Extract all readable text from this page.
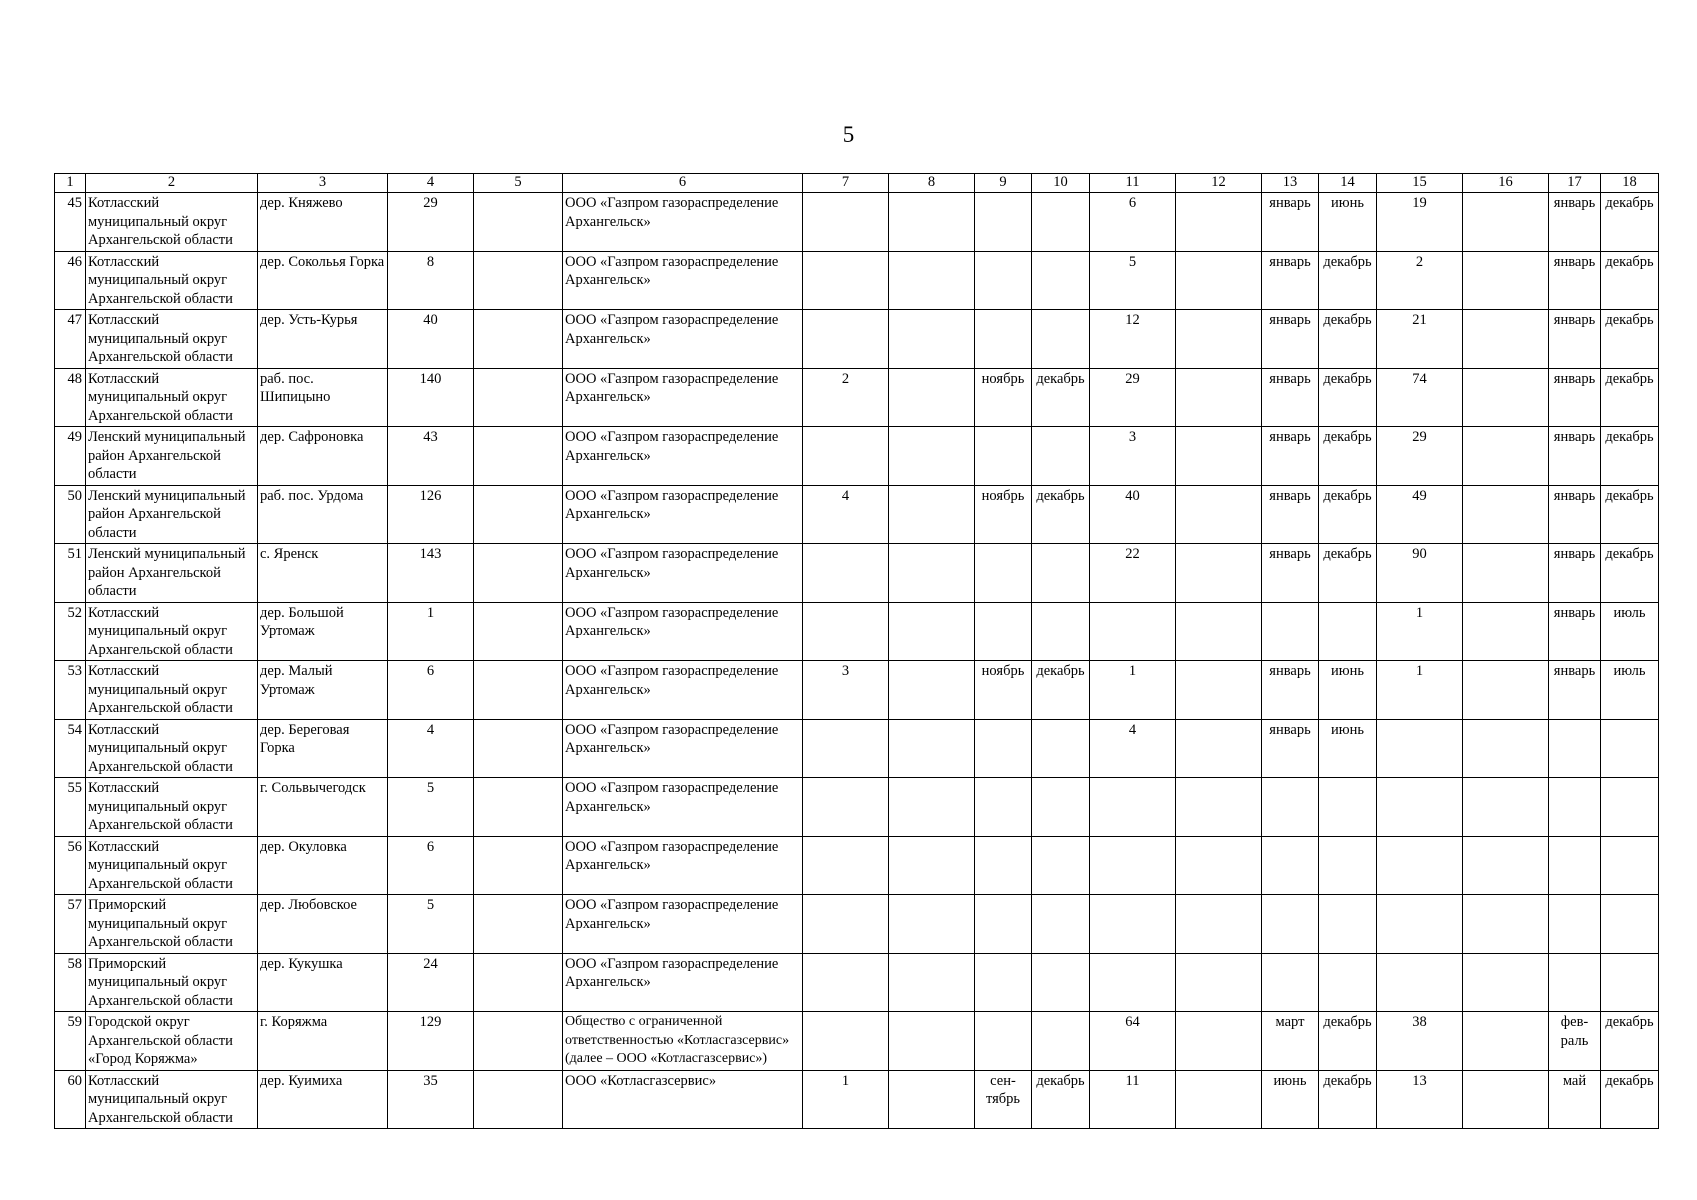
5
1	2	3	4	5	6	7	8	9	10	11	12	13	14	15	16	17	18
45	Котласский муниципальный округ Архангельской области	дер. Княжево	29		ООО «Газпром газораспределение Архангельск»					6		январь	июнь	19		январь	декабрь
46	Котласский муниципальный округ Архангельской области	дер. Сокольья Горка	8		ООО «Газпром газораспределение Архангельск»					5		январь	декабрь	2		январь	декабрь
47	Котласский муниципальный округ Архангельской области	дер. Усть-Курья	40		ООО «Газпром газораспределение Архангельск»					12		январь	декабрь	21		январь	декабрь
48	Котласский муниципальный округ Архангельской области	раб. пос. Шипицыно	140		ООО «Газпром газораспределение Архангельск»	2		ноябрь	декабрь	29		январь	декабрь	74		январь	декабрь
49	Ленский муниципальный район Архангельской области	дер. Сафроновка	43		ООО «Газпром газораспределение Архангельск»					3		январь	декабрь	29		январь	декабрь
50	Ленский муниципальный район Архангельской области	раб. пос. Урдома	126		ООО «Газпром газораспределение Архангельск»	4		ноябрь	декабрь	40		январь	декабрь	49		январь	декабрь
51	Ленский муниципальный район Архангельской области	с. Яренск	143		ООО «Газпром газораспределение Архангельск»					22		январь	декабрь	90		январь	декабрь
52	Котласский муниципальный округ Архангельской области	дер. Большой Уртомаж	1		ООО «Газпром газораспределение Архангельск»									1		январь	июль
53	Котласский муниципальный округ Архангельской области	дер. Малый Уртомаж	6		ООО «Газпром газораспределение Архангельск»	3		ноябрь	декабрь	1		январь	июнь	1		январь	июль
54	Котласский муниципальный округ Архангельской области	дер. Береговая Горка	4		ООО «Газпром газораспределение Архангельск»					4		январь	июнь				
55	Котласский муниципальный округ Архангельской области	г. Сольвычегодск	5		ООО «Газпром газораспределение Архангельск»												
56	Котласский муниципальный округ Архангельской области	дер. Окуловка	6		ООО «Газпром газораспределение Архангельск»												
57	Приморский муниципальный округ Архангельской области	дер. Любовское	5		ООО «Газпром газораспределение Архангельск»												
58	Приморский муниципальный округ Архангельской области	дер. Кукушка	24		ООО «Газпром газораспределение Архангельск»												
59	Городской округ Архангельской области «Город Коряжма»	г. Коряжма	129		Общество с ограниченной ответственностью «Котласгазсервис» (далее – ООО «Котласгазсервис»)					64		март	декабрь	38		фев-раль	декабрь
60	Котласский муниципальный округ Архангельской области	дер. Куимиха	35		ООО «Котласгазсервис»	1		сен-тябрь	декабрь	11		июнь	декабрь	13		май	декабрь
